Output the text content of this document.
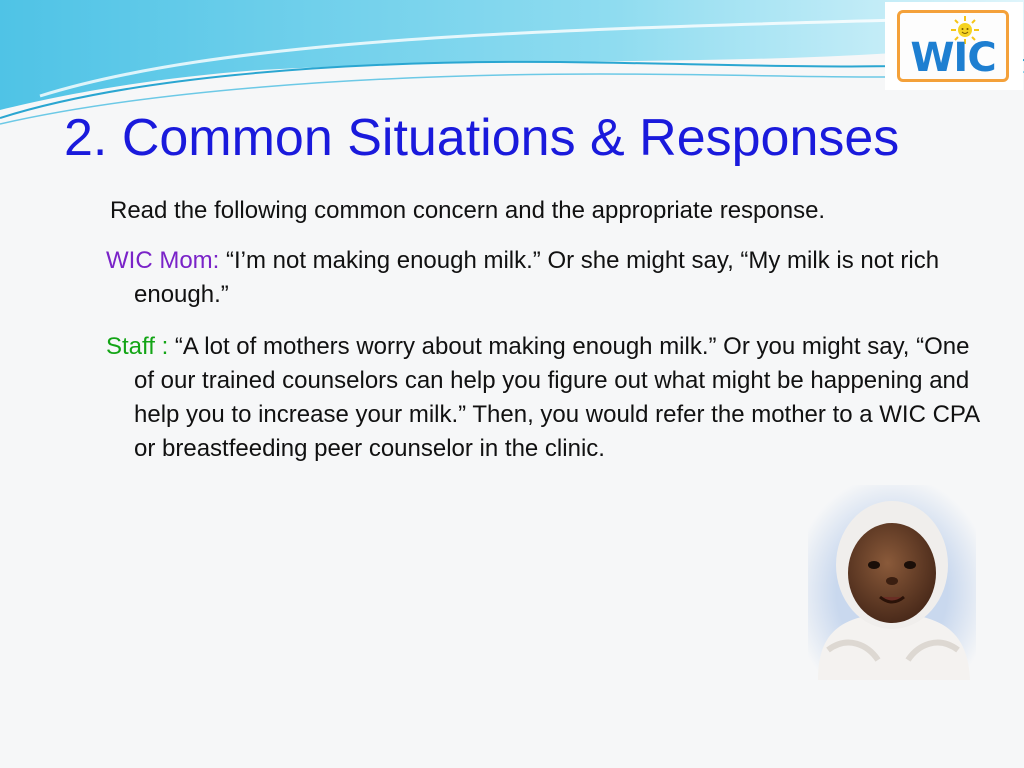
WIC
2. Common Situations & Responses

Read the following common concern and the appropriate response.

WIC Mom: “I’m not making enough milk.” Or she might say, “My milk is not rich enough.”

Staff : “A lot of mothers worry about making enough milk.” Or you might say, “One of our trained counselors can help you figure out what might be happening and help you to increase your milk.” Then, you would refer the mother to a WIC CPA or breastfeeding peer counselor in the clinic.
